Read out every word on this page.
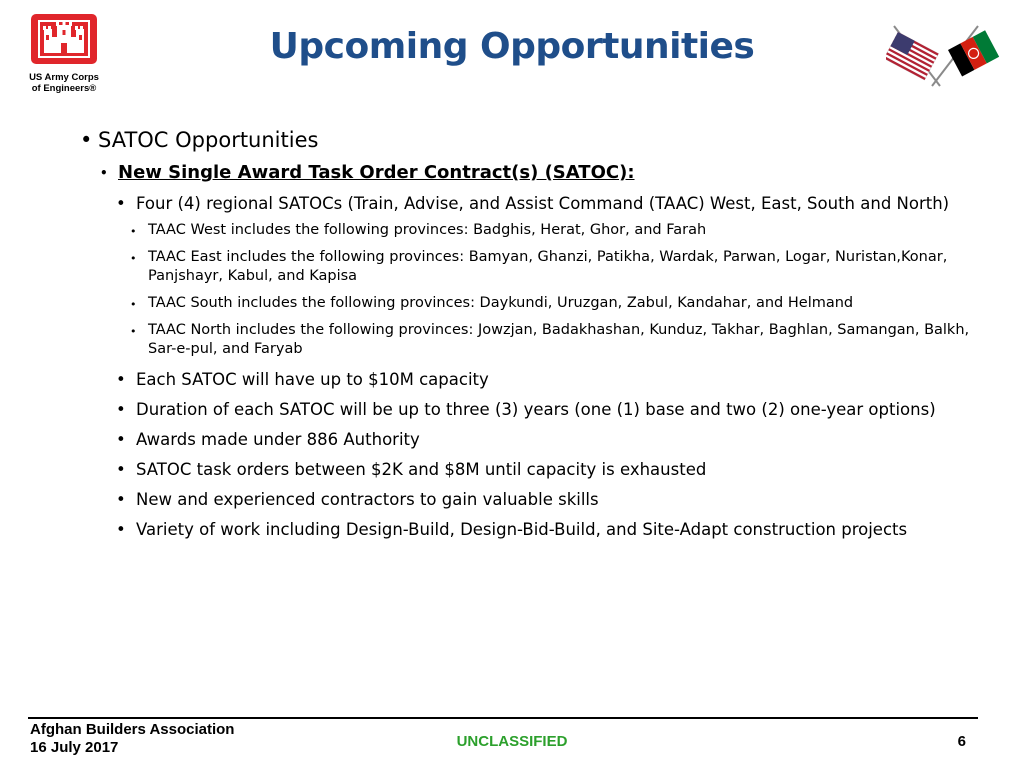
US Army Corps
of Engineers®
Upcoming Opportunities
• SATOC Opportunities
• New Single Award Task Order Contract(s) (SATOC):
• Four (4) regional SATOCs (Train, Advise, and Assist Command (TAAC) West, East, South and North)
• TAAC West includes the following provinces: Badghis, Herat, Ghor, and Farah
• TAAC East includes the following provinces: Bamyan, Ghanzi, Patikha, Wardak, Parwan, Logar, Nuristan,Konar, Panjshayr, Kabul, and Kapisa
• TAAC South includes the following provinces: Daykundi, Uruzgan, Zabul, Kandahar, and Helmand
• TAAC North includes the following provinces: Jowzjan, Badakhashan, Kunduz, Takhar, Baghlan, Samangan, Balkh, Sar-e-pul, and Faryab
• Each SATOC will have up to $10M capacity
• Duration of each SATOC will be up to three (3) years (one (1) base and two (2) one-year options)
• Awards made under 886 Authority
• SATOC task orders between $2K and $8M until capacity is exhausted
• New and experienced contractors to gain valuable skills
• Variety of work including Design-Build, Design-Bid-Build, and Site-Adapt construction projects
Afghan Builders Association
16 July 2017	UNCLASSIFIED	6
